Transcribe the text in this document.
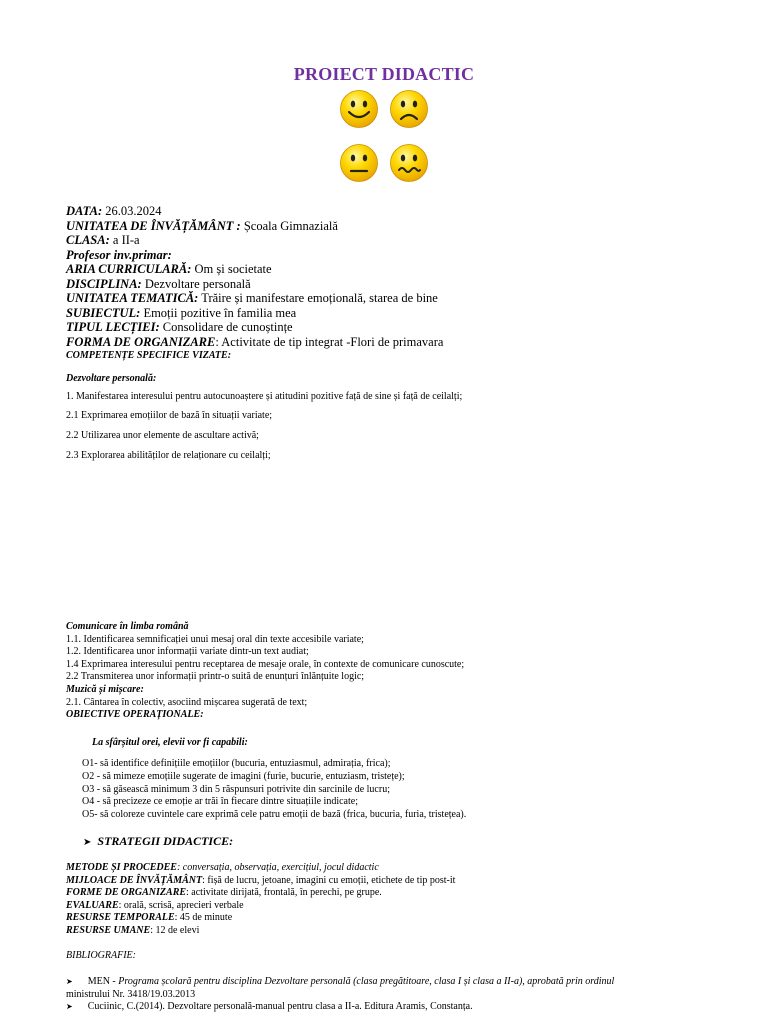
PROIECT DIDACTIC
DATA: 26.03.2024
UNITATEA DE ÎNVĂȚĂMÂNT : Școala Gimnazială
CLASA: a II-a
Profesor inv.primar:
ARIA CURRICULARĂ: Om și societate
DISCIPLINA: Dezvoltare personală
UNITATEA TEMATICĂ: Trăire și manifestare emoțională, starea de bine
SUBIECTUL: Emoții pozitive în familia mea
TIPUL LECȚIEI: Consolidare de cunoștințe
FORMA DE ORGANIZARE: Activitate de tip integrat -Flori de primavara
COMPETENȚE SPECIFICE VIZATE:
Dezvoltare personală:
1. Manifestarea interesului pentru autocunoaștere și atitudini pozitive față de sine și față de ceilalți;
2.1 Exprimarea emoțiilor de bază în situații variate;
2.2 Utilizarea unor elemente de ascultare activă;
2.3 Explorarea abilităților de relaționare cu ceilalți;
Comunicare în limba română
1.1. Identificarea semnificației unui mesaj oral din texte accesibile variate;
1.2. Identificarea unor informații variate dintr-un text audiat;
1.4 Exprimarea interesului pentru receptarea de mesaje orale, în contexte de comunicare cunoscute;
2.2 Transmiterea unor informații printr-o suită de enunțuri înlănțuite logic;
Muzică și mișcare:
2.1. Cântarea în colectiv, asociind mișcarea sugerată de text;
OBIECTIVE OPERAȚIONALE:
La sfârșitul orei, elevii vor fi capabili:
O1- să identifice definițiile emoțiilor (bucuria, entuziasmul, admirația, frica);
O2 - să mimeze emoțiile sugerate de imagini (furie, bucurie, entuziasm, tristețe);
O3 - să găsească minimum 3 din 5 răspunsuri potrivite din sarcinile de lucru;
O4 - să precizeze ce emoție ar trăi în fiecare dintre situațiile indicate;
O5- să coloreze cuvintele care exprimă cele patru emoții de bază (frica, bucuria, furia, tristețea).
➤ STRATEGII DIDACTICE:
METODE ȘI PROCEDEE: conversația, observația, exercițiul, jocul didactic
MIJLOACE DE ÎNVĂȚĂMÂNT: fișă de lucru, jetoane, imagini cu emoții, etichete de tip post-it
FORME DE ORGANIZARE: activitate dirijată, frontală, în perechi, pe grupe.
EVALUARE: orală, scrisă, aprecieri verbale
RESURSE TEMPORALE: 45 de minute
RESURSE UMANE: 12 de elevi
BIBLIOGRAFIE:
➤ MEN - Programa școlară pentru disciplina Dezvoltare personală (clasa pregătitoare, clasa I și clasa a II-a), aprobată prin ordinul
ministrului Nr. 3418/19.03.2013
➤ Cuciinic, C.(2014). Dezvoltare personală-manual pentru clasa a II-a. Editura Aramis, Constanța.
